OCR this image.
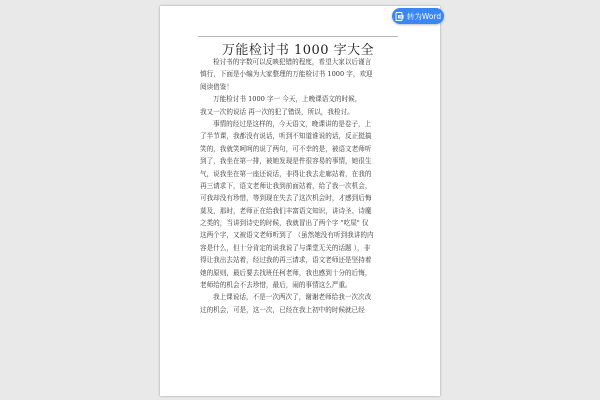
W 转为Word
万能检讨书 1000 字大全
检讨书的字数可以反映犯错的程度，希望大家以后谨言
慎行，下面是小编为大家整理的万能检讨书 1000 字，欢迎
阅读借鉴！
万能检讨书 1000 字一 今天，上晚课语文的时候，
我又一次的说话 再一次的犯了错误，所以，我检讨。
事情的经过是这样的，今天语文，晚课讲的是卷子，上
了半节课，我都没有说话，听到不知道谁说的话，反正挺搞
笑的，我就笑呵呵的说了两句，可不幸的是，被语文老师听
到了，我坐在第一排，被她发现是件很容易的事情，她很生
气，说我坐在第一座还说话，非得让我去走廊站着，在我的
再三请求下，语文老师让我到前面站着，给了我一次机会，
可我却没有珍惜，等到现在失去了这次机会时，才感到后悔
莫及，那时，老师正在给我们丰富语文知识，讲诗圣、诗魔
之类的，当讲到诗史的时候，我就冒出了两个字 "吃屎" 仅
这两个字，又被语文老师听到了 （虽然她没有听到我讲的内
容是什么，但十分肯定的说我说了与课堂无关的话题 ），非
得让我出去站着，经过我的再三请求，语文老师还是坚持着
她的原则，最后要去找班任柯老师，我也感到十分的后悔，
老师给的机会不去珍惜，最后，闹的事情这么严重。
我上课说话，不是一次两次了，谢谢老师给我一次次改
过的机会，可是，这一次，已经在我上初中的时候就已经
